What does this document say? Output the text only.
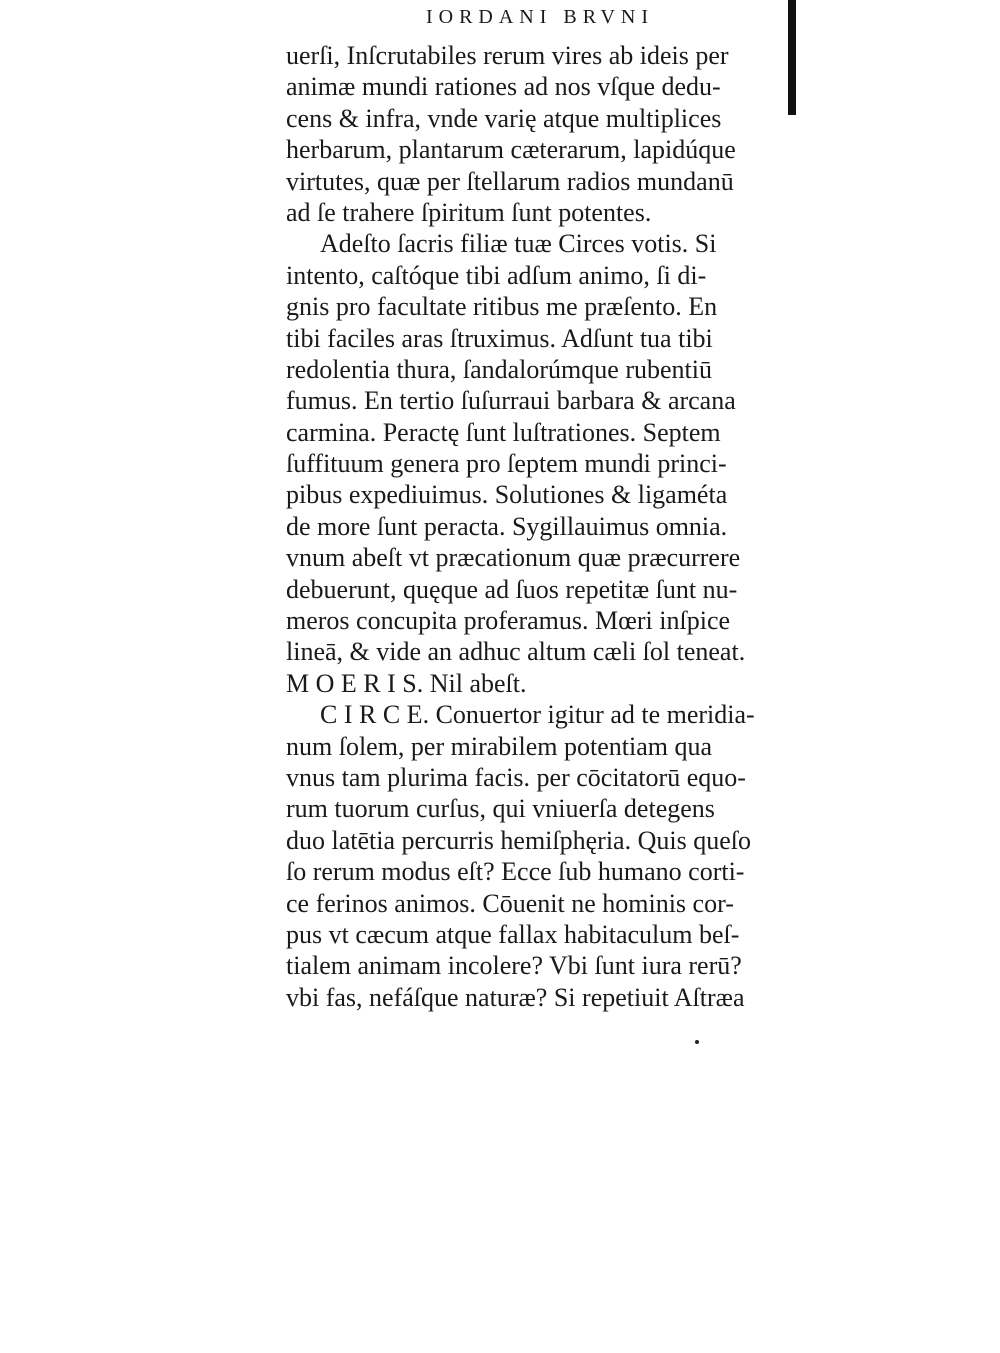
IORDANI BRVNI
uerſi, Inſcrutabiles rerum vires ab ideis per
animæ mundi rationes ad nos vſque dedu-
cens & infra, vnde varię atque multiplices
herbarum, plantarum cæterarum, lapidúque
virtutes, quæ per ſtellarum radios mundanū
ad ſe trahere ſpiritum ſunt potentes.
Adeſto ſacris filiæ tuæ Circes votis. Si
intento, caſtóque tibi adſum animo, ſi di-
gnis pro facultate ritibus me præſento. En
tibi faciles aras ſtruximus. Adſunt tua tibi
redolentia thura, ſandalorúmque rubentiū
fumus. En tertio ſuſurraui barbara & arcana
carmina. Peractę ſunt luſtrationes. Septem
ſuffituum genera pro ſeptem mundi princi-
pibus expediuimus. Solutiones & ligaméta
de more ſunt peracta. Sygillauimus omnia.
vnum abeſt vt præcationum quæ præcurrere
debuerunt, quęque ad ſuos repetitæ ſunt nu-
meros concupita proferamus. Mœri inſpice
lineā, & vide an adhuc altum cæli ſol teneat.
M O E R I S. Nil abeſt.
C I R C E. Conuertor igitur ad te meridia-
num ſolem, per mirabilem potentiam qua
vnus tam plurima facis. per cōcitatorū equo-
rum tuorum curſus, qui vniuerſa detegens
duo latētia percurris hemiſphęria. Quis queſo
ſo rerum modus eſt? Ecce ſub humano corti-
ce ferinos animos. Cōuenit ne hominis cor-
pus vt cæcum atque fallax habitaculum beſ-
tialem animam incolere? Vbi ſunt iura rerū?
vbi fas, nefáſque naturæ? Si repetiuit Aſtræa
